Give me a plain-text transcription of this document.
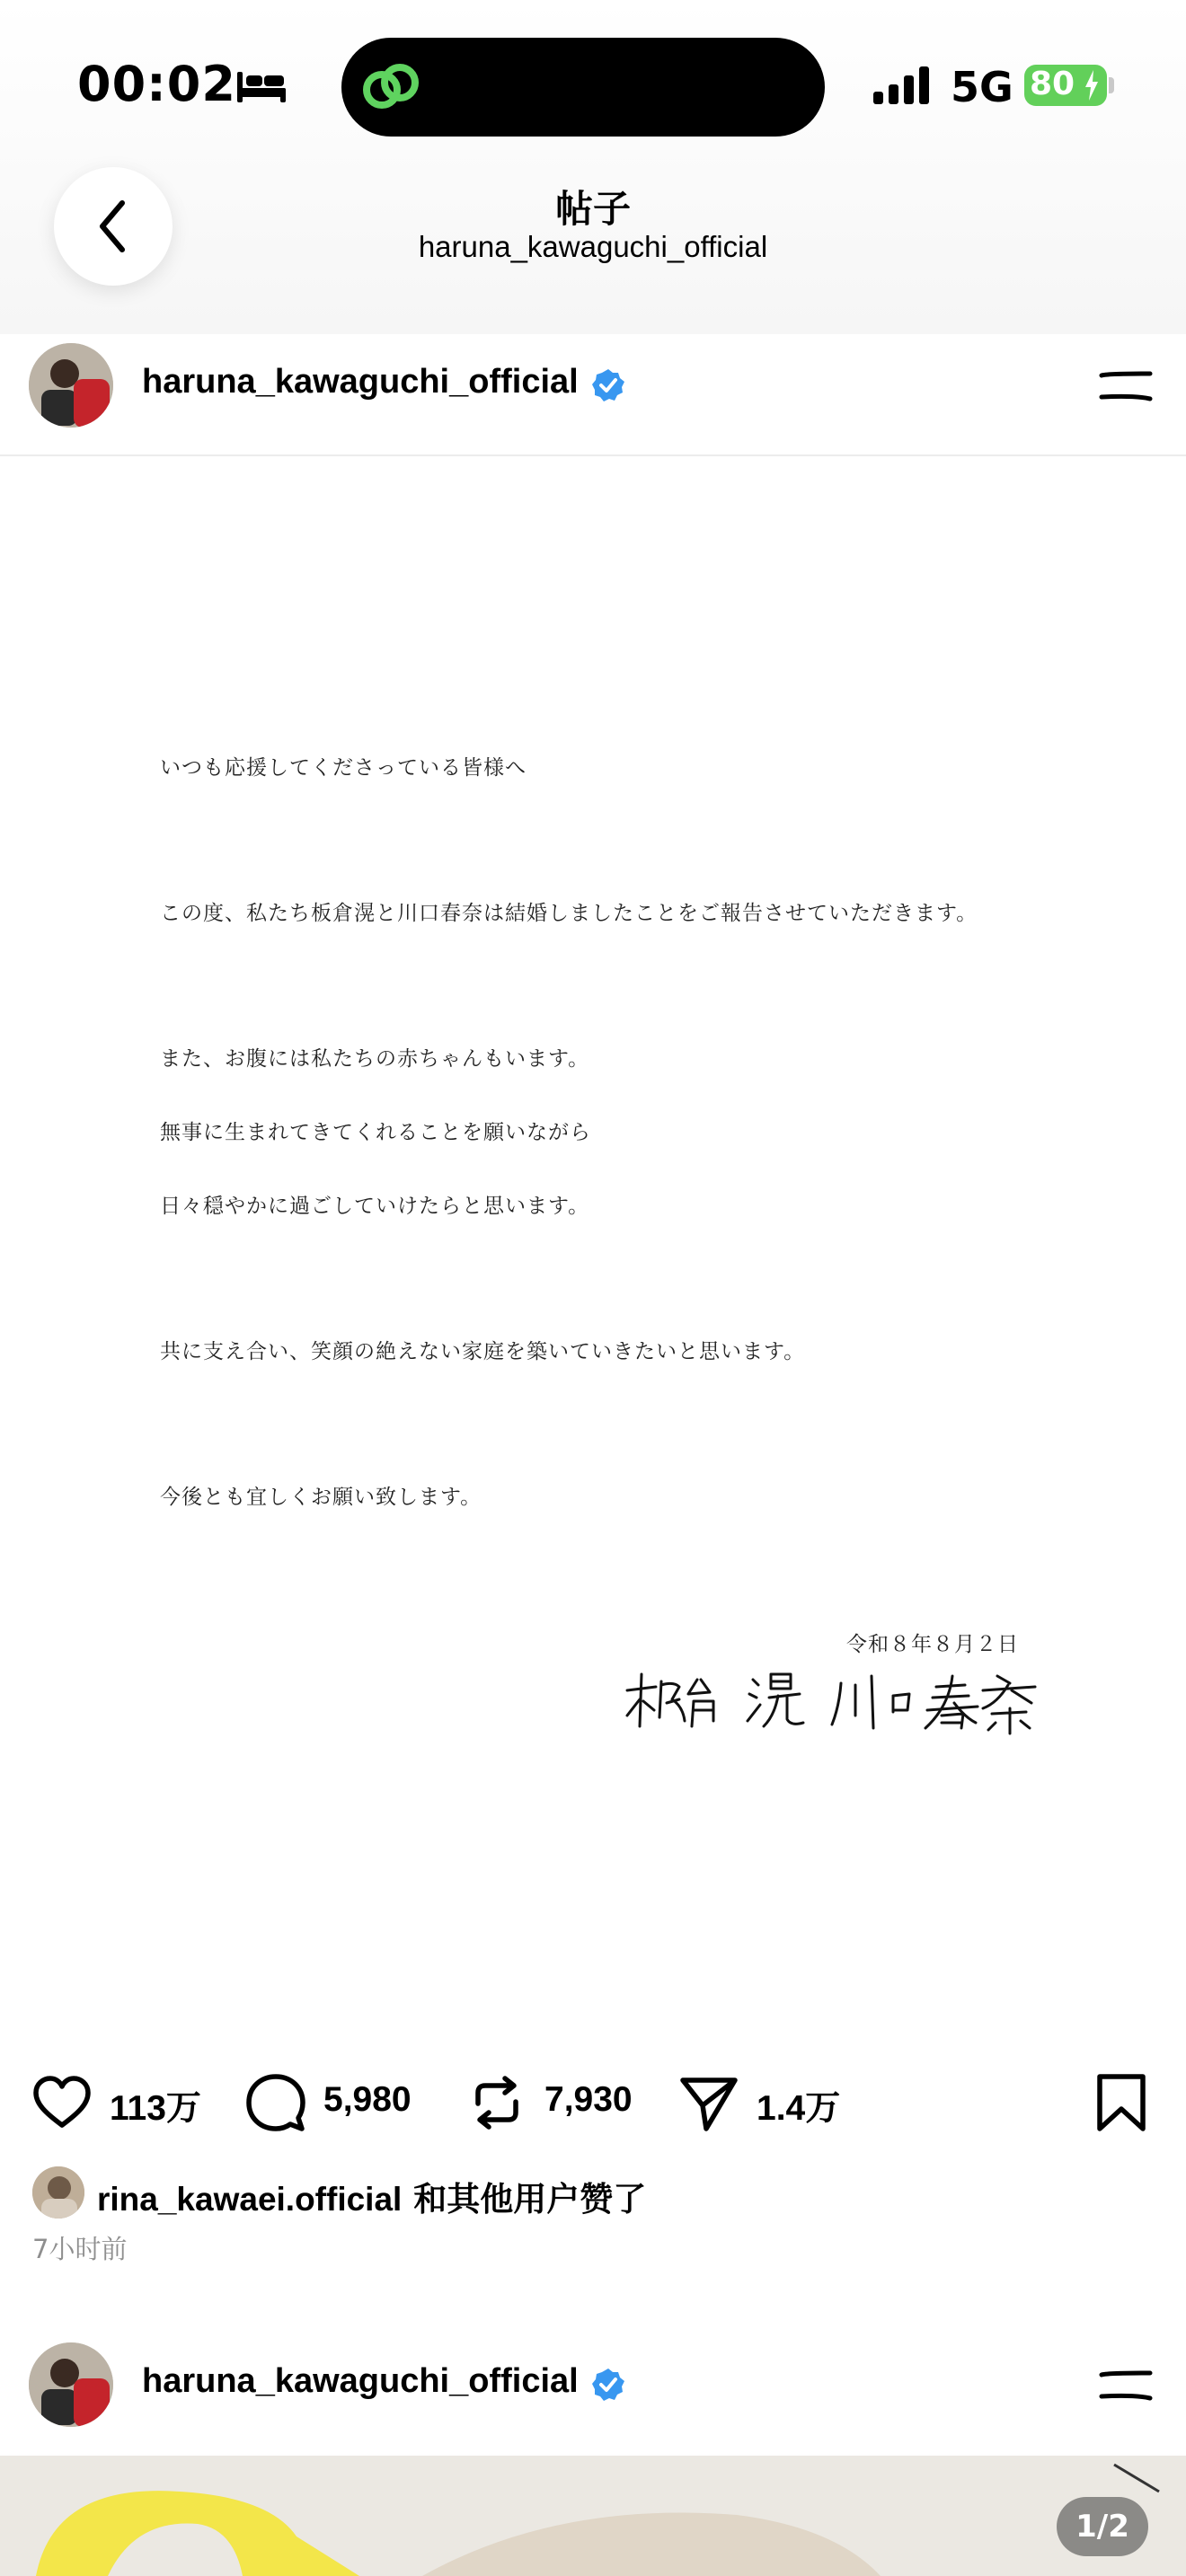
00:02	5G 80
帖子
haruna_kawaguchi_official
haruna_kawaguchi_official
いつも応援してくださっている皆様へ
この度、私たち板倉滉と川口春奈は結婚しましたことをご報告させていただきます。
また、お腹には私たちの赤ちゃんもいます。
無事に生まれてきてくれることを願いながら
日々穏やかに過ごしていけたらと思います。
共に支え合い、笑顔の絶えない家庭を築いていきたいと思います。
今後とも宜しくお願い致します。
令和８年８月２日
113万	5,980	7,930	1.4万
rina_kawaei.official 和其他用户赞了
7小时前
haruna_kawaguchi_official
1/2
